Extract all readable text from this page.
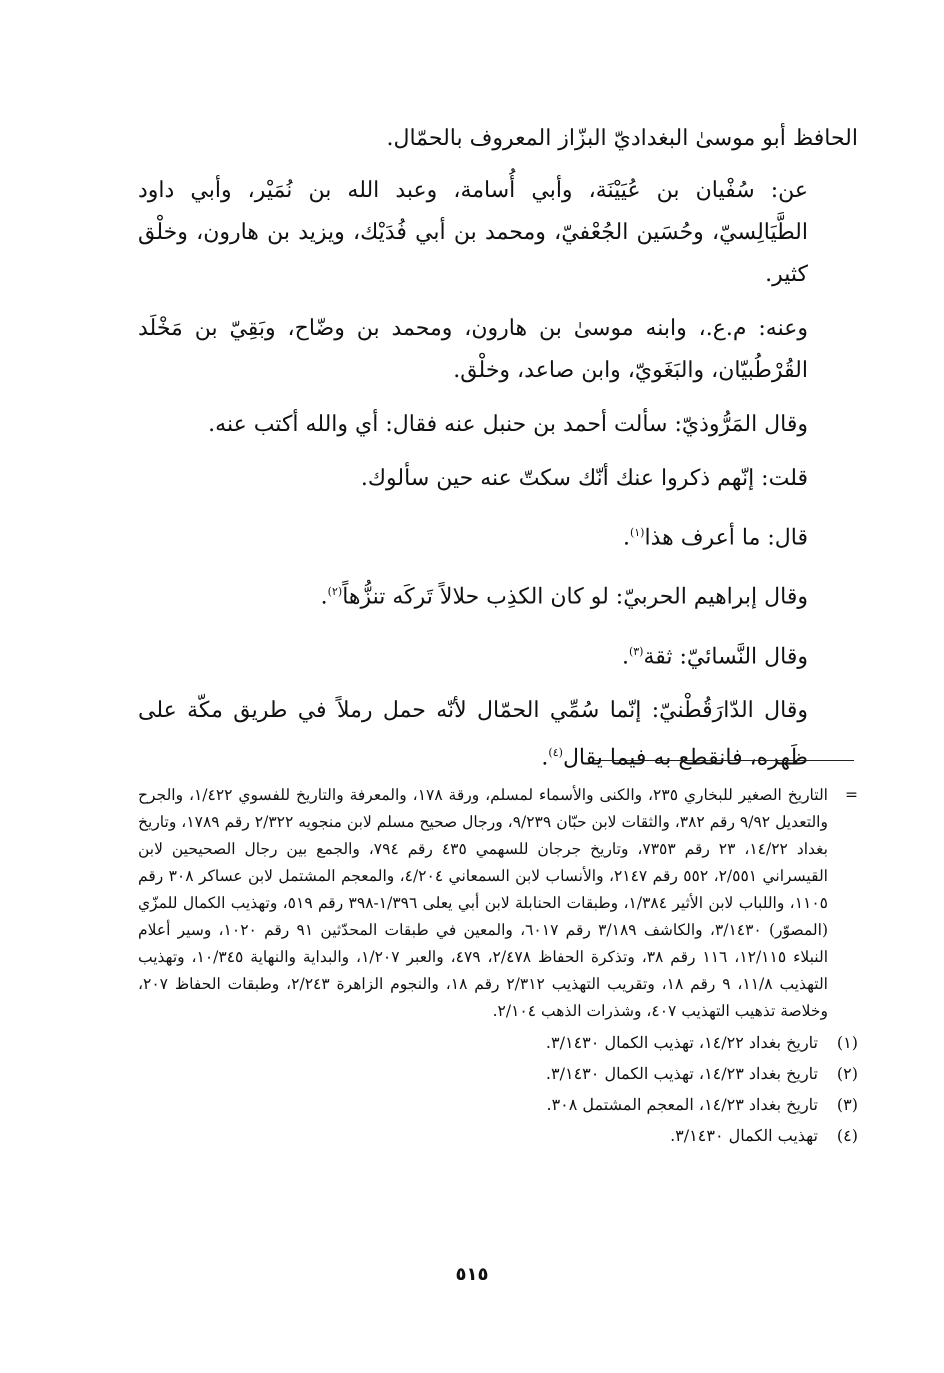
الحافظ أبو موسىٰ البغداديّ البزّاز المعروف بالحمّال.

عن: سُفْيان بن عُيَيْنَة، وأبي أُسامة، وعبد الله بن نُمَيْر، وأبي داود الطَّيَالِسيّ، وحُسَين الجُعْفيّ، ومحمد بن أبي فُدَيْك، ويزيد بن هارون، وخلْق كثير.

وعنه: م.ع.، وابنه موسىٰ بن هارون، ومحمد بن وضّاح، وبَقِيّ بن مَخْلَد القُرْطُبيّان، والبَغَويّ، وابن صاعد، وخلْق.

وقال المَرُّوذيّ: سألت أحمد بن حنبل عنه فقال: أي والله أكتب عنه.

قلت: إنّهم ذكروا عنك أنّك سكتّ عنه حين سألوك.

قال: ما أعرف هذا$^{(١)}$.

وقال إبراهيم الحربيّ: لو كان الكذِب حلالاً تَركَه تنزُّهاً$^{(٢)}$.

وقال النَّسائيّ: ثقة$^{(٣)}$.

وقال الدّارَقُطْنيّ: إنّما سُمِّي الحمّال لأنّه حمل رملاً في طريق مكّة على ظَهره، فانقطع به فيما يقال$^{(٤)}$.

=
التاريخ الصغير للبخاري ٢٣٥، والكنى والأسماء لمسلم، ورقة ١٧٨، والمعرفة والتاريخ للفسوي ١/٤٢٢، والجرح والتعديل ٩/٩٢ رقم ٣٨٢، والثقات لابن حبّان ٩/٢٣٩، ورجال صحيح مسلم لابن منجويه ٢/٣٢٢ رقم ١٧٨٩، وتاريخ بغداد ١٤/٢٢، ٢٣ رقم ٧٣٥٣، وتاريخ جرجان للسهمي ٤٣٥ رقم ٧٩٤، والجمع بين رجال الصحيحين لابن القيسراني ٢/٥٥١، ٥٥٢ رقم ٢١٤٧، والأنساب لابن السمعاني ٤/٢٠٤، والمعجم المشتمل لابن عساكر ٣٠٨ رقم ١١٠٥، واللباب لابن الأثير ١/٣٨٤، وطبقات الحنابلة لابن أبي يعلى ١/٣٩٦-٣٩٨ رقم ٥١٩، وتهذيب الكمال للمزّي (المصوّر) ٣/١٤٣٠، والكاشف ٣/١٨٩ رقم ٦٠١٧، والمعين في طبقات المحدّثين ٩١ رقم ١٠٢٠، وسير أعلام النبلاء ١٢/١١٥، ١١٦ رقم ٣٨، وتذكرة الحفاظ ٢/٤٧٨، ٤٧٩، والعبر ١/٢٠٧، والبداية والنهاية ١٠/٣٤٥، وتهذيب التهذيب ١١/٨، ٩ رقم ١٨، وتقريب التهذيب ٢/٣١٢ رقم ١٨، والنجوم الزاهرة ٢/٢٤٣، وطبقات الحفاظ ٢٠٧، وخلاصة تذهيب التهذيب ٤٠٧، وشذرات الذهب ٢/١٠٤.
(١)
تاريخ بغداد ١٤/٢٢، تهذيب الكمال ٣/١٤٣٠.
(٢)
تاريخ بغداد ١٤/٢٣، تهذيب الكمال ٣/١٤٣٠.
(٣)
تاريخ بغداد ١٤/٢٣، المعجم المشتمل ٣٠٨.
(٤)
تهذيب الكمال ٣/١٤٣٠.
٥١٥
